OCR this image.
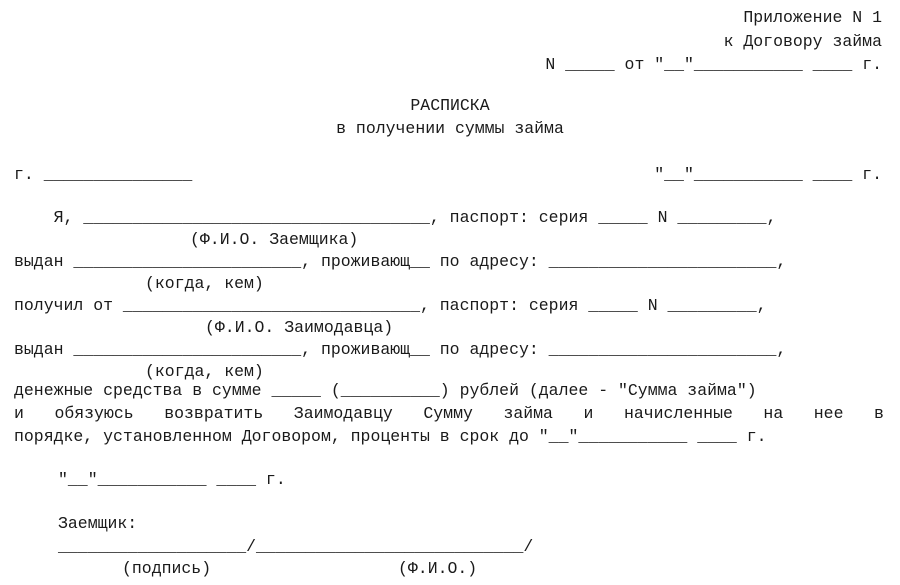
Приложение N 1
к Договору займа
N _____ от "__"___________ ____ г.
РАСПИСКА
в получении суммы займа
г. _______________	"__"___________ ____ г.
Я, ___________________________________, паспорт: серия _____ N _________,
(Ф.И.О. Заемщика)
выдан _______________________, проживающ__ по адресу: _______________________,
(когда, кем)
получил от ______________________________, паспорт: серия _____ N _________,
(Ф.И.О. Заимодавца)
выдан _______________________, проживающ__ по адресу: _______________________,
(когда, кем)
денежные средства в сумме _____ (__________) рублей (далее - "Сумма займа")
и обязуюсь возвратить Заимодавцу Сумму займа и начисленные на нее в
порядке, установленном Договором, проценты в срок до "__"___________ ____ г.
"__"___________ ____ г.
Заемщик:
___________________/___________________________/
(подпись)	(Ф.И.О.)
